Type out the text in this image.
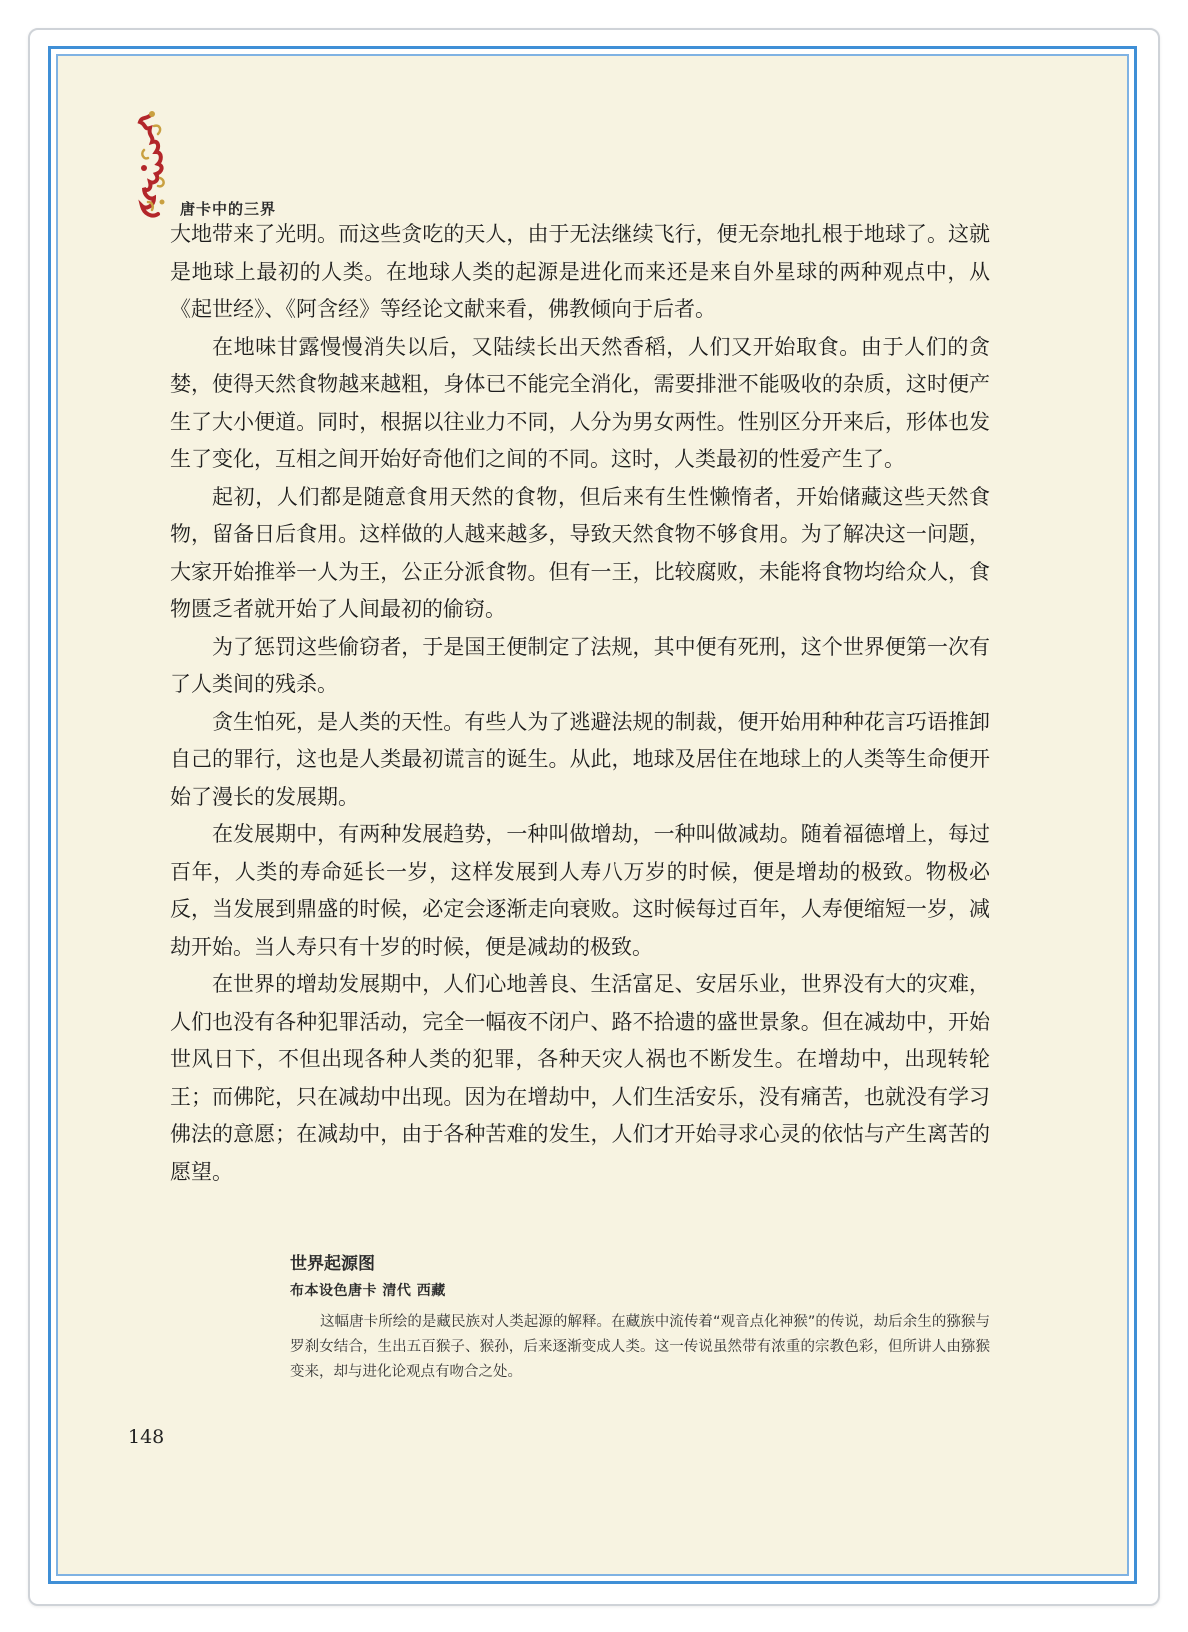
唐卡中的三界

大地带来了光明。而这些贪吃的天人，由于无法继续飞行，便无奈地扎根于地球了。这就是地球上最初的人类。在地球人类的起源是进化而来还是来自外星球的两种观点中，从《起世经》、《阿含经》等经论文献来看，佛教倾向于后者。

在地味甘露慢慢消失以后，又陆续长出天然香稻，人们又开始取食。由于人们的贪婪，使得天然食物越来越粗，身体已不能完全消化，需要排泄不能吸收的杂质，这时便产生了大小便道。同时，根据以往业力不同，人分为男女两性。性别区分开来后，形体也发生了变化，互相之间开始好奇他们之间的不同。这时，人类最初的性爱产生了。

起初，人们都是随意食用天然的食物，但后来有生性懒惰者，开始储藏这些天然食物，留备日后食用。这样做的人越来越多，导致天然食物不够食用。为了解决这一问题，大家开始推举一人为王，公正分派食物。但有一王，比较腐败，未能将食物均给众人，食物匮乏者就开始了人间最初的偷窃。

为了惩罚这些偷窃者，于是国王便制定了法规，其中便有死刑，这个世界便第一次有了人类间的残杀。

贪生怕死，是人类的天性。有些人为了逃避法规的制裁，便开始用种种花言巧语推卸自己的罪行，这也是人类最初谎言的诞生。从此，地球及居住在地球上的人类等生命便开始了漫长的发展期。

在发展期中，有两种发展趋势，一种叫做增劫，一种叫做减劫。随着福德增上，每过百年，人类的寿命延长一岁，这样发展到人寿八万岁的时候，便是增劫的极致。物极必反，当发展到鼎盛的时候，必定会逐渐走向衰败。这时候每过百年，人寿便缩短一岁，减劫开始。当人寿只有十岁的时候，便是减劫的极致。

在世界的增劫发展期中，人们心地善良、生活富足、安居乐业，世界没有大的灾难，人们也没有各种犯罪活动，完全一幅夜不闭户、路不拾遗的盛世景象。但在减劫中，开始世风日下，不但出现各种人类的犯罪，各种天灾人祸也不断发生。在增劫中，出现转轮王；而佛陀，只在减劫中出现。因为在增劫中，人们生活安乐，没有痛苦，也就没有学习佛法的意愿；在减劫中，由于各种苦难的发生，人们才开始寻求心灵的依怙与产生离苦的愿望。

世界起源图

布本设色唐卡 清代 西藏

这幅唐卡所绘的是藏民族对人类起源的解释。在藏族中流传着“观音点化神猴”的传说，劫后余生的猕猴与罗刹女结合，生出五百猴子、猴孙，后来逐渐变成人类。这一传说虽然带有浓重的宗教色彩，但所讲人由猕猴变来，却与进化论观点有吻合之处。

148
